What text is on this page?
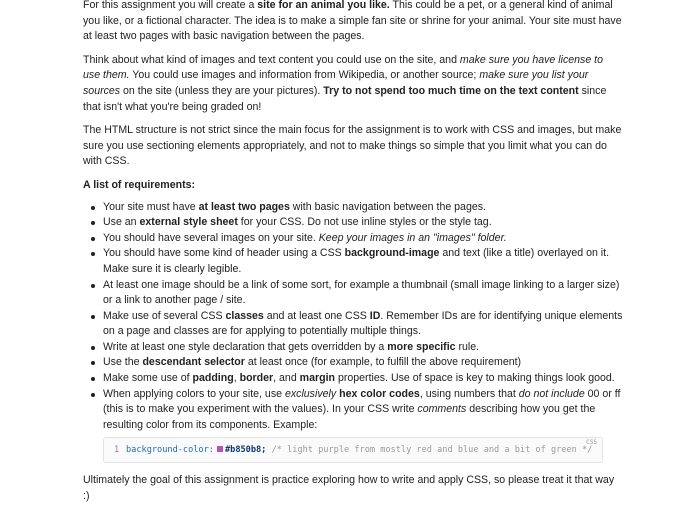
For this assignment you will create a site for an animal you like. This could be a pet, or a general kind of animal you like, or a fictional character. The idea is to make a simple fan site or shrine for your animal. Your site must have at least two pages with basic navigation between the pages.

Think about what kind of images and text content you could use on the site, and make sure you have license to use them. You could use images and information from Wikipedia, or another source; make sure you list your sources on the site (unless they are your pictures). Try to not spend too much time on the text content since that isn't what you're being graded on!

The HTML structure is not strict since the main focus for the assignment is to work with CSS and images, but make sure you use sectioning elements appropriately, and not to make things so simple that you limit what you can do with CSS.

A list of requirements:
Your site must have at least two pages with basic navigation between the pages.
Use an external style sheet for your CSS. Do not use inline styles or the style tag.
You should have several images on your site. Keep your images in an "images" folder.
You should have some kind of header using a CSS background-image and text (like a title) overlayed on it. Make sure it is clearly legible.
At least one image should be a link of some sort, for example a thumbnail (small image linking to a larger size) or a link to another page / site.
Make use of several CSS classes and at least one CSS ID. Remember IDs are for identifying unique elements on a page and classes are for applying to potentially multiple things.
Write at least one style declaration that gets overridden by a more specific rule.
Use the descendant selector at least once (for example, to fulfill the above requirement)
Make some use of padding, border, and margin properties. Use of space is key to making things look good.
When applying colors to your site, use exclusively hex color codes, using numbers that do not include 00 or ff (this is to make you experiment with the values). In your CSS write comments describing how you get the resulting color from its components. Example:
CSS
1 background-color: #b850b8; /* light purple from mostly red and blue and a bit of green */

Ultimately the goal of this assignment is practice exploring how to write and apply CSS, so please treat it that way :)
